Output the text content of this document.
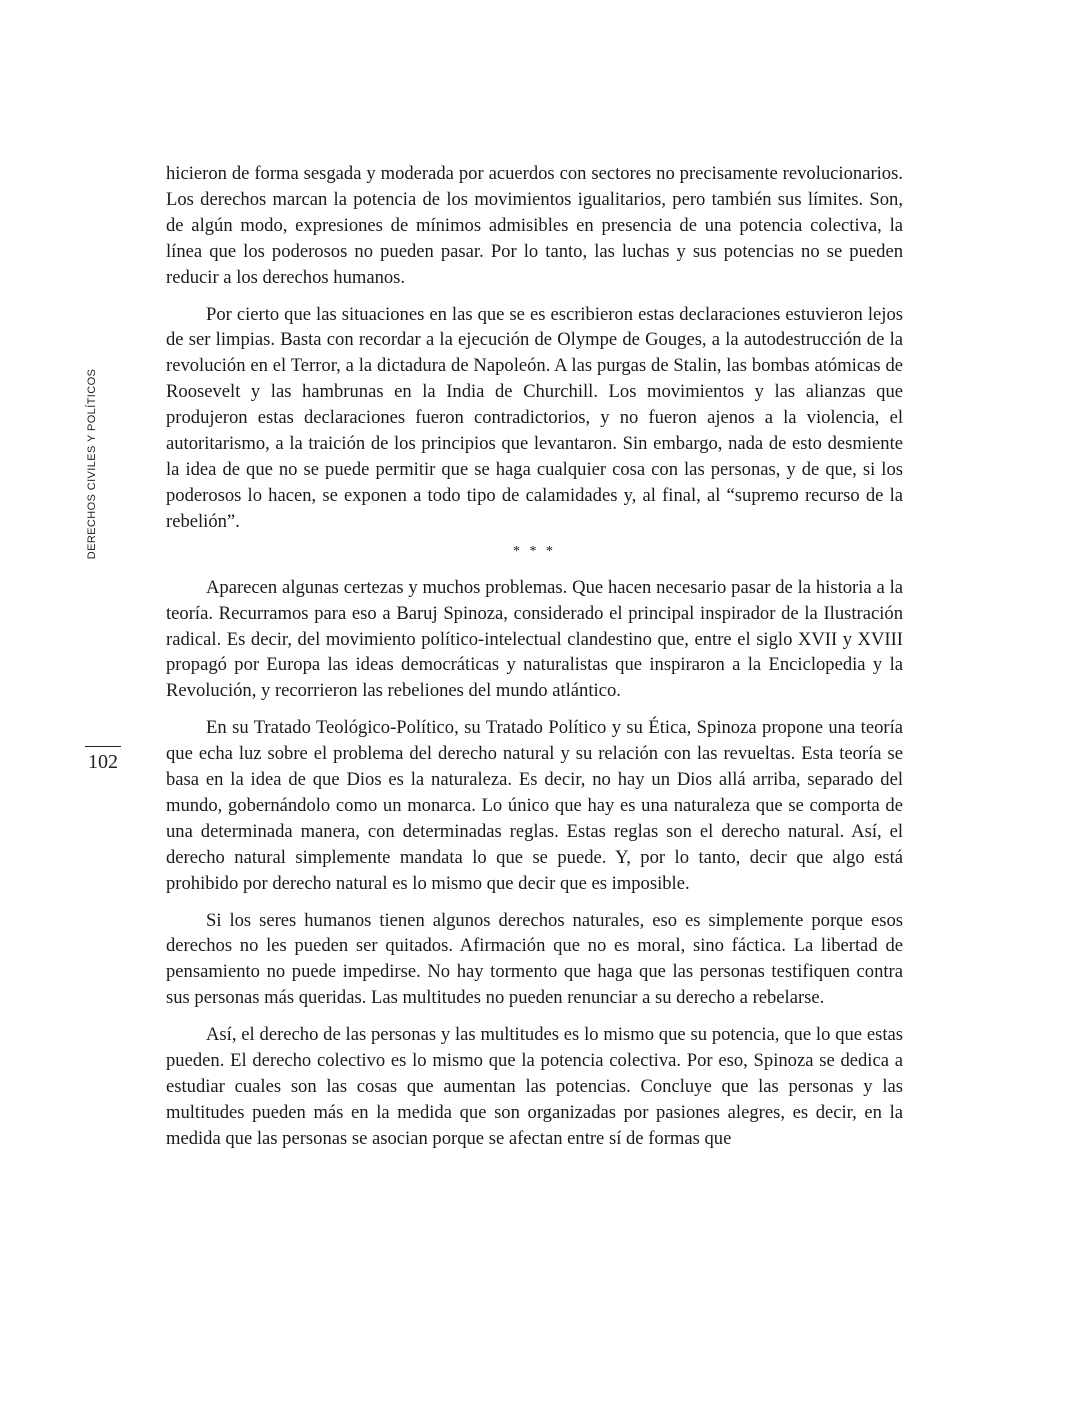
DERECHOS CIVILES Y POLÍTICOS
102

hicieron de forma sesgada y moderada por acuerdos con sectores no precisamente revolucionarios. Los derechos marcan la potencia de los movimientos igualitarios, pero también sus límites. Son, de algún modo, expresiones de mínimos admisibles en presencia de una potencia colectiva, la línea que los poderosos no pueden pasar. Por lo tanto, las luchas y sus potencias no se pueden reducir a los derechos humanos.

Por cierto que las situaciones en las que se es escribieron estas declaraciones estuvieron lejos de ser limpias. Basta con recordar a la ejecución de Olympe de Gouges, a la autodestrucción de la revolución en el Terror, a la dictadura de Napoleón. A las purgas de Stalin, las bombas atómicas de Roosevelt y las hambrunas en la India de Churchill. Los movimientos y las alianzas que produjeron estas declaraciones fueron contradictorios, y no fueron ajenos a la violencia, el autoritarismo, a la traición de los principios que levantaron. Sin embargo, nada de esto desmiente la idea de que no se puede permitir que se haga cualquier cosa con las personas, y de que, si los poderosos lo hacen, se exponen a todo tipo de calamidades y, al final, al “supremo recurso de la rebelión”.

* * *

Aparecen algunas certezas y muchos problemas. Que hacen necesario pasar de la historia a la teoría. Recurramos para eso a Baruj Spinoza, considerado el principal inspirador de la Ilustración radical. Es decir, del movimiento político-intelectual clandestino que, entre el siglo XVII y XVIII propagó por Europa las ideas democráticas y naturalistas que inspiraron a la Enciclopedia y la Revolución, y recorrieron las rebeliones del mundo atlántico.

En su Tratado Teológico-Político, su Tratado Político y su Ética, Spinoza propone una teoría que echa luz sobre el problema del derecho natural y su relación con las revueltas. Esta teoría se basa en la idea de que Dios es la naturaleza. Es decir, no hay un Dios allá arriba, separado del mundo, gobernándolo como un monarca. Lo único que hay es una naturaleza que se comporta de una determinada manera, con determinadas reglas. Estas reglas son el derecho natural. Así, el derecho natural simplemente mandata lo que se puede. Y, por lo tanto, decir que algo está prohibido por derecho natural es lo mismo que decir que es imposible.

Si los seres humanos tienen algunos derechos naturales, eso es simplemente porque esos derechos no les pueden ser quitados. Afirmación que no es moral, sino fáctica. La libertad de pensamiento no puede impedirse. No hay tormento que haga que las personas testifiquen contra sus personas más queridas. Las multitudes no pueden renunciar a su derecho a rebelarse.

Así, el derecho de las personas y las multitudes es lo mismo que su potencia, que lo que estas pueden. El derecho colectivo es lo mismo que la potencia colectiva. Por eso, Spinoza se dedica a estudiar cuales son las cosas que aumentan las potencias. Concluye que las personas y las multitudes pueden más en la medida que son organizadas por pasiones alegres, es decir, en la medida que las personas se asocian porque se afectan entre sí de formas que
